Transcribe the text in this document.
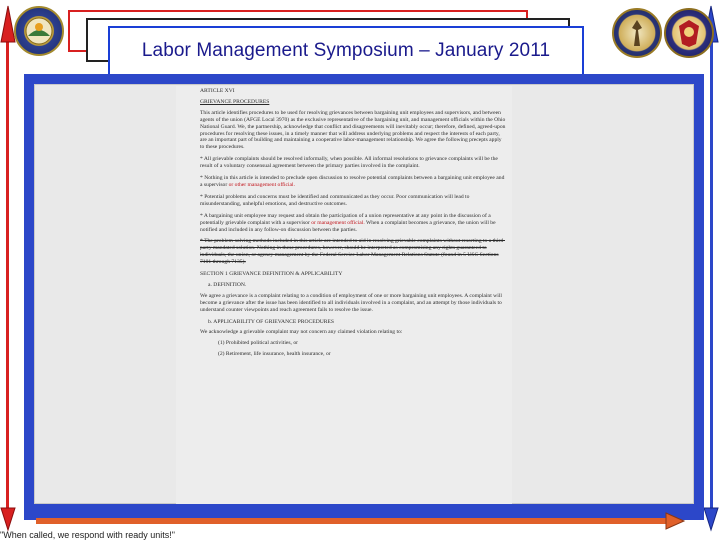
Labor Management Symposium – January 2011

ARTICLE XVI

GRIEVANCE PROCEDURES

This article identifies procedures to be used for resolving grievances between bargaining unit employees and supervisors, and between agents of the union (AFGE Local 3970) as the exclusive representative of the bargaining unit, and management officials within the Ohio National Guard. We, the partnership, acknowledge that conflict and disagreements will inevitably occur; therefore, defined, agreed-upon procedures for resolving these issues, in a timely manner that will address underlying problems and respect the interests of each party, are an important part of building and maintaining a cooperative labor-management relationship. We agree the following precepts apply to these procedures.

* All grievable complaints should be resolved informally, when possible. All informal resolutions to grievance complaints will be the result of a voluntary consensual agreement between the primary parties involved in the complaint.

* Nothing in this article is intended to preclude open discussion to resolve potential complaints between a bargaining unit employee and a supervisor or other management official.

* Potential problems and concerns must be identified and communicated as they occur. Poor communication will lead to misunderstanding, unhelpful emotions, and destructive outcomes.

* A bargaining unit employee may request and obtain the participation of a union representative at any point in the discussion of a potentially grievable complaint with a supervisor or management official. When a complaint becomes a grievance, the union will be notified and included in any follow-on discussion between the parties.

* The problem-solving methods included in this article are intended to aid in resolving grievable complaints without resorting to a third-party mandated solution. Nothing in these procedures, however, should be interpreted as compromising any rights guaranteed to individuals, the union, or agency management by the Federal Service Labor Management Relations Statute (found in 5 USC Sections 7101 through 7135).

SECTION 1 GRIEVANCE DEFINITION & APPLICABILITY

a. DEFINITION.

We agree a grievance is a complaint relating to a condition of employment of one or more bargaining unit employees. A complaint will become a grievance after the issue has been identified to all individuals involved in a complaint, and an attempt by those individuals to understand counter viewpoints and reach agreement fails to resolve the issue.

b. APPLICABILITY OF GRIEVANCE PROCEDURES

We acknowledge a grievable complaint may not concern any claimed violation relating to:

(1) Prohibited political activities, or

(2) Retirement, life insurance, health insurance, or

"When called, we respond with ready units!"
